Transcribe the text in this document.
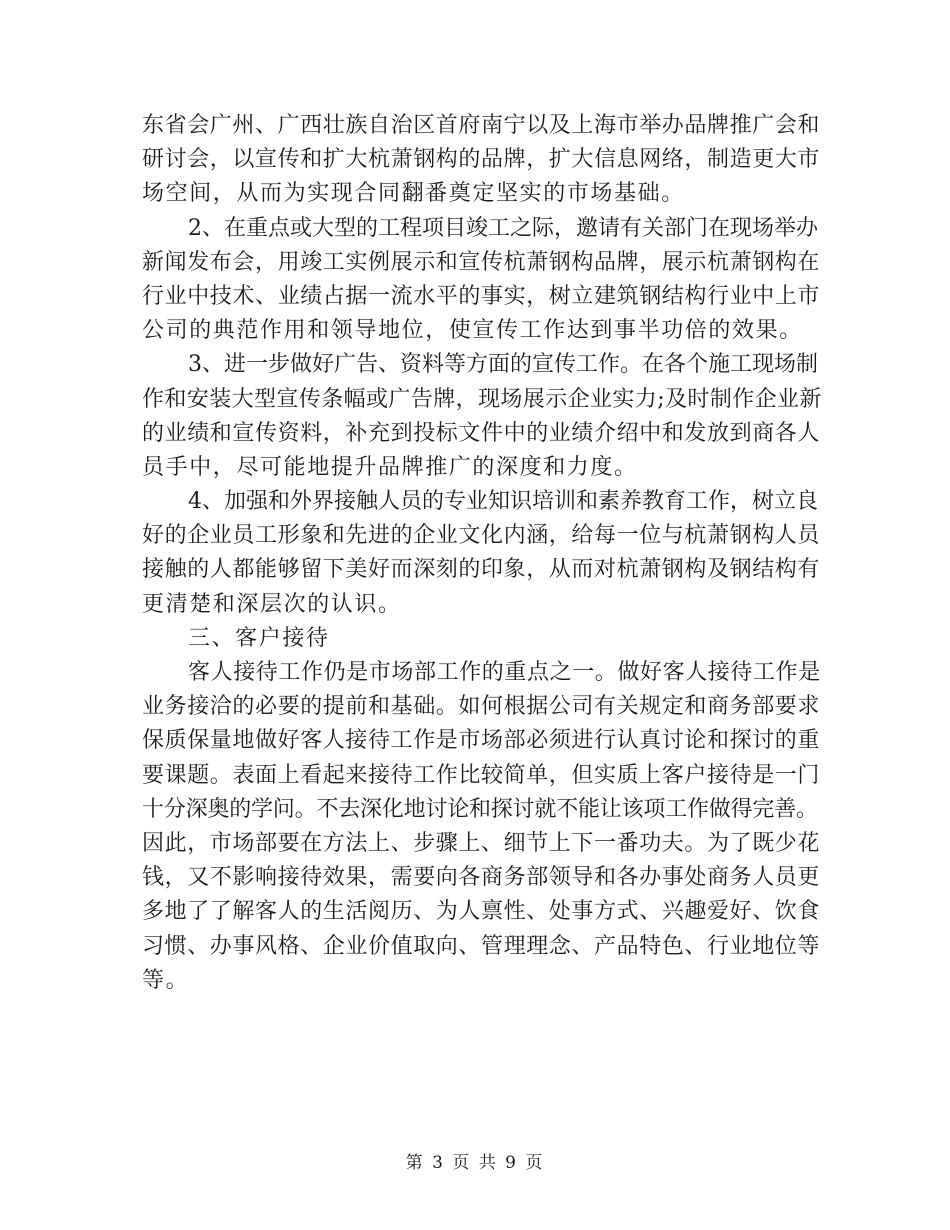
东省会广州、广西壮族自治区首府南宁以及上海市举办品牌推广会和
研讨会，以宣传和扩大杭萧钢构的品牌，扩大信息网络，制造更大市
场空间，从而为实现合同翻番奠定坚实的市场基础。
2、在重点或大型的工程项目竣工之际，邀请有关部门在现场举办
新闻发布会，用竣工实例展示和宣传杭萧钢构品牌，展示杭萧钢构在
行业中技术、业绩占据一流水平的事实，树立建筑钢结构行业中上市
公司的典范作用和领导地位，使宣传工作达到事半功倍的效果。
3、进一步做好广告、资料等方面的宣传工作。在各个施工现场制
作和安装大型宣传条幅或广告牌，现场展示企业实力;及时制作企业新
的业绩和宣传资料，补充到投标文件中的业绩介绍中和发放到商各人
员手中，尽可能地提升品牌推广的深度和力度。
4、加强和外界接触人员的专业知识培训和素养教育工作，树立良
好的企业员工形象和先进的企业文化内涵，给每一位与杭萧钢构人员
接触的人都能够留下美好而深刻的印象，从而对杭萧钢构及钢结构有
更清楚和深层次的认识。
三、客户接待
客人接待工作仍是市场部工作的重点之一。做好客人接待工作是
业务接洽的必要的提前和基础。如何根据公司有关规定和商务部要求
保质保量地做好客人接待工作是市场部必须进行认真讨论和探讨的重
要课题。表面上看起来接待工作比较简单，但实质上客户接待是一门
十分深奥的学问。不去深化地讨论和探讨就不能让该项工作做得完善。
因此，市场部要在方法上、步骤上、细节上下一番功夫。为了既少花
钱，又不影响接待效果，需要向各商务部领导和各办事处商务人员更
多地了了解客人的生活阅历、为人禀性、处事方式、兴趣爱好、饮食
习惯、办事风格、企业价值取向、管理理念、产品特色、行业地位等
等。
第 3 页 共 9 页
